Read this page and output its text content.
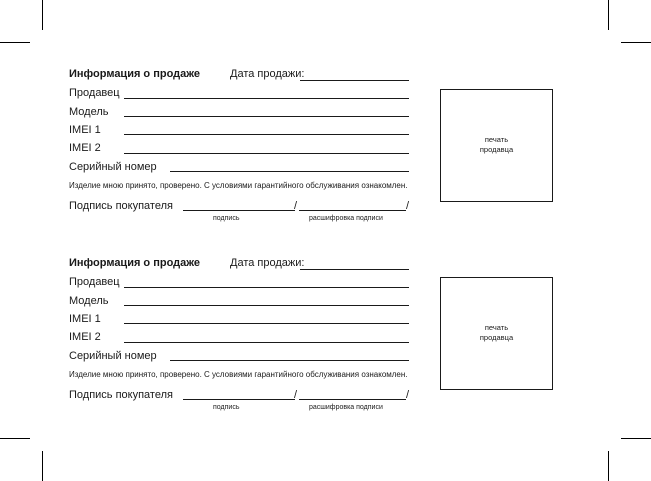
Информация о продаже	Дата продажи:
Продавец
Модель
IMEI 1
IMEI 2
Серийный номер
Изделие мною принято, проверено. С условиями гарантийного обслуживания ознакомлен.
Подпись покупателя	/	/
подпись	расшифровка подписи
печать
продавца
Информация о продаже	Дата продажи:
Продавец
Модель
IMEI 1
IMEI 2
Серийный номер
Изделие мною принято, проверено. С условиями гарантийного обслуживания ознакомлен.
Подпись покупателя	/	/
подпись	расшифровка подписи
печать
продавца
